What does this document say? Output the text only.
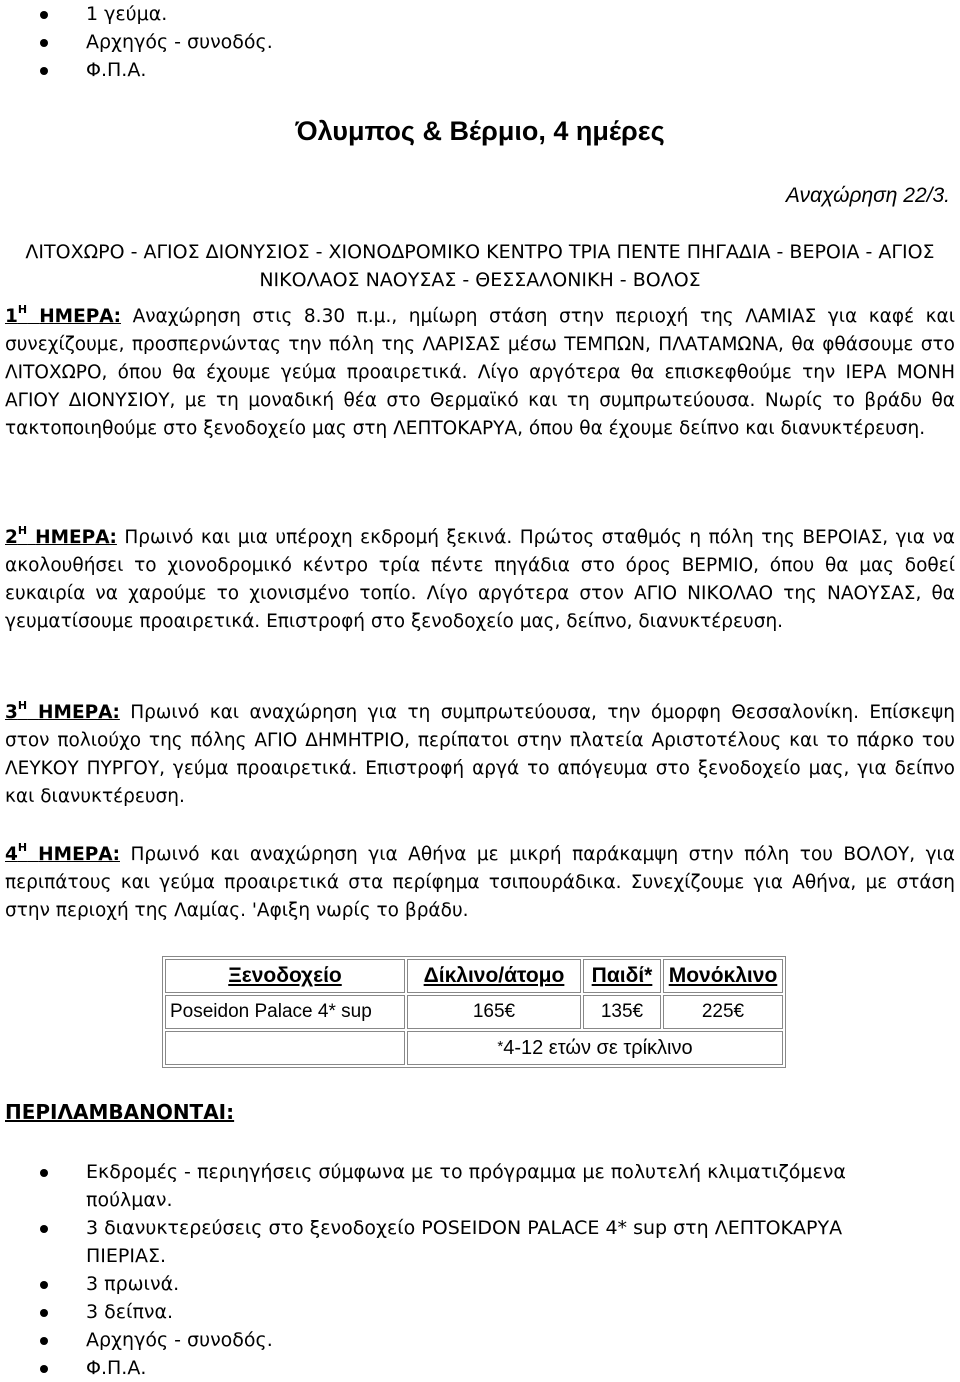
1 γεύμα.
Αρχηγός - συνοδός.
Φ.Π.Α.
Όλυμπος & Βέρμιο, 4 ημέρες
Αναχώρηση 22/3.
ΛΙΤΟΧΩΡΟ - ΑΓΙΟΣ ΔΙΟΝΥΣΙΟΣ - ΧΙΟΝΟΔΡΟΜΙΚΟ ΚΕΝΤΡΟ ΤΡΙΑ ΠΕΝΤΕ ΠΗΓΑΔΙΑ - ΒΕΡΟΙΑ - ΑΓΙΟΣ ΝΙΚΟΛΑΟΣ ΝΑΟΥΣΑΣ - ΘΕΣΣΑΛΟΝΙΚΗ - ΒΟΛΟΣ
$1^H$ ΗΜΕΡΑ: Αναχώρηση στις 8.30 π.μ., ημίωρη στάση στην περιοχή της ΛΑΜΙΑΣ για καφέ και συνεχίζουμε, προσπερνώντας την πόλη της ΛΑΡΙΣΑΣ μέσω ΤΕΜΠΩΝ, ΠΛΑΤΑΜΩΝΑ, θα φθάσουμε στο ΛΙΤΟΧΩΡΟ, όπου θα έχουμε γεύμα προαιρετικά. Λίγο αργότερα θα επισκεφθούμε την ΙΕΡΑ ΜΟΝΗ ΑΓΙΟΥ ΔΙΟΝΥΣΙΟΥ, με τη μοναδική θέα στο Θερμαϊκό και τη συμπρωτεύουσα. Νωρίς το βράδυ θα τακτοποιηθούμε στο ξενοδοχείο μας στη ΛΕΠΤΟΚΑΡΥΑ, όπου θα έχουμε δείπνο και διανυκτέρευση.
$2^H$ ΗΜΕΡΑ: Πρωινό και μια υπέροχη εκδρομή ξεκινά. Πρώτος σταθμός η πόλη της ΒΕΡΟΙΑΣ, για να ακολουθήσει το χιονοδρομικό κέντρο τρία πέντε πηγάδια στο όρος ΒΕΡΜΙΟ, όπου θα μας δοθεί ευκαιρία να χαρούμε το χιονισμένο τοπίο. Λίγο αργότερα στον ΑΓΙΟ ΝΙΚΟΛΑΟ της ΝΑΟΥΣΑΣ, θα γευματίσουμε προαιρετικά. Επιστροφή στο ξενοδοχείο μας, δείπνο, διανυκτέρευση.
$3^H$ ΗΜΕΡΑ: Πρωινό και αναχώρηση για τη συμπρωτεύουσα, την όμορφη Θεσσαλονίκη. Επίσκεψη στον πολιούχο της πόλης ΑΓΙΟ ΔΗΜΗΤΡΙΟ, περίπατοι στην πλατεία Αριστοτέλους και το πάρκο του ΛΕΥΚΟΥ ΠΥΡΓΟΥ, γεύμα προαιρετικά. Επιστροφή αργά το απόγευμα στο ξενοδοχείο μας, για δείπνο και διανυκτέρευση.
$4^H$ ΗΜΕΡΑ: Πρωινό και αναχώρηση για Αθήνα με μικρή παράκαμψη στην πόλη του ΒΟΛΟΥ, για περιπάτους και γεύμα προαιρετικά στα περίφημα τσιπουράδικα. Συνεχίζουμε για Αθήνα, με στάση στην περιοχή της Λαμίας. 'Αφιξη νωρίς το βράδυ.
Ξενοδοχείο	Δίκλινο/άτομο	Παιδί*	Μονόκλινο
Poseidon Palace 4* sup	165€	135€	225€
	*4-12 ετών σε τρίκλινο		
ΠΕΡΙΛΑΜΒΑΝΟΝΤΑΙ:
Εκδρομές - περιηγήσεις σύμφωνα με το πρόγραμμα με πολυτελή κλιματιζόμενα πούλμαν.
3 διανυκτερεύσεις στο ξενοδοχείο POSEIDON PALACE 4* sup στη ΛΕΠΤΟΚΑΡΥΑ ΠΙΕΡΙΑΣ.
3 πρωινά.
3 δείπνα.
Αρχηγός - συνοδός.
Φ.Π.Α.
